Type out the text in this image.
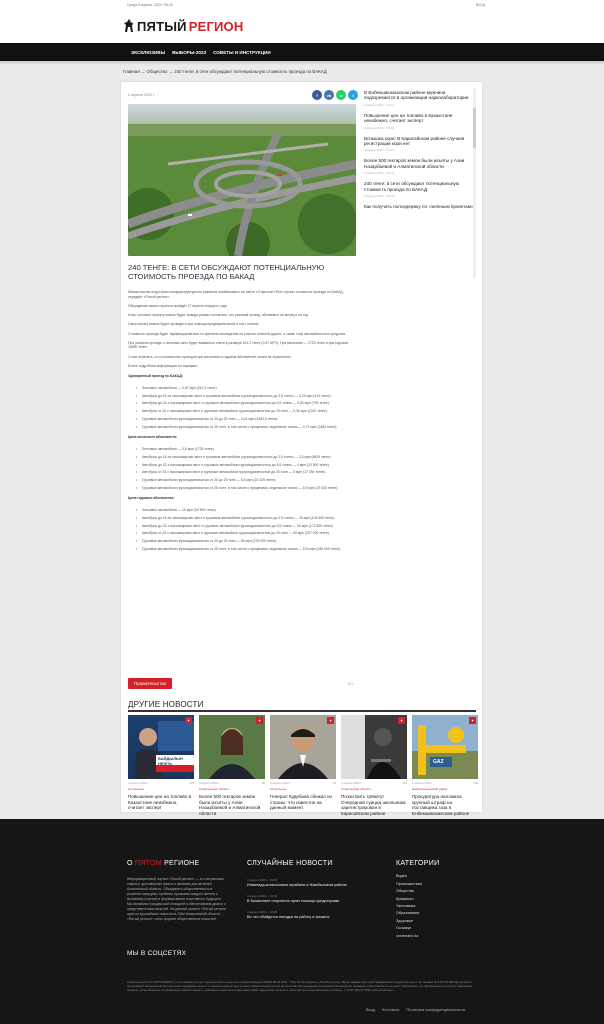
Среда 5 апреля, 2023 / 05:15	ВХОД
ПЯТЫЙ РЕГИОН
ЭКСКЛЮЗИВЫ ВЫБОРЫ-2023 СОВЕТЫ И ИНСТРУКЦИИ
Главная → Общество → 240 тенге: в сети обсуждают потенциальную стоимость проезда по БАКАД
2 апреля 2023 г.	f	vk	w	t
240 ТЕНГЕ: В СЕТИ ОБСУЖДАЮТ ПОТЕНЦИАЛЬНУЮ СТОИМОСТЬ ПРОЕЗДА ПО БАКАД

Министерство индустрии и инфраструктурного развития опубликовало на сайте «Открытые НПА» проект стоимости проезда по БАКАД, передаёт «Пятый регион».

Обсуждение самого проекта пройдёт 17 апреля текущего года.

Итак, согласно проекту можно будет трижды разово поплатить: это разовый проезд, абонемент на месяц и на год.

Само оплату можно будет проводить при помощи предварительной и пост оплаты.

Стоимость проезда будет тарифицироваться по времени нахождения на участке платной дороги, а также типу автомобильного средства.

При разовом проезде с легковых авто будет взиматься плата в размере 241,2 тенге (0,57 АРП). При месячном — 1725 тенге и при годовом 16590 тенге.

Стоит отметить, что и количество проездов при месячном и годовом абонементе ничем не ограничено.

Более подробная информация по тарифам:

Однократный проезд по БАКАД:
• Легковые автомобили — 0,57 мрп (241,3 тенге).
• Автобусы до 16-ти пассажирских мест и грузовые автомобили грузоподъемностью до 2,5 тонны — 0,22 мрп (414 тенге).
• Автобусы до 32-х пассажирских мест и грузовые автомобили грузоподъемностью до 5,5 тонны — 0,52 мрп (759 тенге).
• Автобусы от 33-х пассажирских мест и грузовые автомобили грузоподъемностью до 20 тонн — 0,36 мрп (1242 тенге).
• Грузовые автомобили грузоподъемностью от 20 до 25 тонн — 0,43 мрп (1483,5 тенге).
• Грузовые автомобили грузоподъемностью от 25 тонн, в том числе с прицепами, седельные тягачи — 0,72 мрп (2484 тенге).
Цена месячного абонемента:
• Легковые автомобили — 0,5 мрп (1725 тенге).
• Автобусы до 16-ти пассажирских мест и грузовые автомобили грузоподъемностью до 2,5 тонны — 2,5 мрп (8625 тенге).
• Автобусы до 32-х пассажирских мест и грузовые автомобили грузоподъемностью до 5,5 тонны — 4 мрп (13 800 тенге).
• Автобусы от 33-х пассажирских мест и грузовые автомобили грузоподъемностью до 20 тонн — 5 мрп (17 250 тенге).
• Грузовые автомобили грузоподъемностью от 20 до 25 тонн — 6,5 мрп (22 425 тенге).
• Грузовые автомобили грузоподъемностью от 25 тонн, в том числе с прицепами, седельные тягачи — 8,5 мрп (29 325 тенге).
Цена годового абонемента:
• Легковые автомобили — 10 мрп (34 500 тенге).
• Автобусы до 16-ти пассажирских мест и грузовые автомобили грузоподъемностью до 2,5 тонны — 30 мрп (103 500 тенге).
• Автобусы до 32-х пассажирских мест и грузовые автомобили грузоподъемностью до 5,5 тонны — 50 мрп (172 500 тенге).
• Автобусы от 33-х пассажирских мест и грузовые автомобили грузоподъемностью до 20 тонн — 60 мрп (207 000 тенге).
• Грузовые автомобили грузоподъемностью от 20 до 25 тонн — 80 мрп (276 000 тенге).
• Грузовые автомобили грузоподъемностью от 25 тонн, в том числе с прицепами, седельные тягачи — 100 мрп (345 000 тенге).
Правительство	263 ◌
ДРУГИЕ НОВОСТИ
БАЙДЫЛЫН НЕФТЬ
✦
4 апреля 2023 г.	101
Актуальное
Повышение цен на топливо в Казахстане неизбежно, считает эксперт
✦
4 апреля 2023 г.	86
Алматинская область
Более 500 гектаров земли были изъяты у Алии Назарбаевой и Алматинской области
✦
3 апреля 2023 г.	94
Актуальное
Генерал Кудебаев сбежал из страны: что известно на данный момент
✦
1 апреля 2023 г.	219
Алматинская область
Поэзи Бить трявогу! Очередной суицид школьника зарегистрирован в Карасайском районе
GAZ
✦
1 апреля 2023 г.	208
Енбекшиказахский район
Прокуратура наложила крупный штраф на поставщика газа в Енбекшиказахском районе
В Енбекшиказахском районе мужчина подозревается в организации нарколаборатории
4 апреля 2023 г. / 21:12
Повышение цен на топливо в Казахстане неизбежно, считает эксперт
4 апреля 2023 г. / 16:03
Вспышка кори: В Карасайском районе случаев регистрации кори нет
4 апреля 2023 г. / 11:34
Более 500 гектаров земли были изъяты у Азии Назарбаевой и Алматинской области
4 апреля 2023 г. / 10:47
240 тенге: в сети обсуждают потенциальную стоимость проезда по БАКАД
2 апреля 2023 г. / 20:04
Как получить полседержку по «зеленым проектам»
О ПЯТОМ РЕГИОНЕ
Информационный портал «Пятый регион» — это актуальные новости, достоверные факты и желание для жителей Алматинской области. Объединять общественность в решении насущных проблем, призывая каждого жителя к активному участию в формировании позитивного будущего. Мы являемся гражданской позицией и обеспечиваем диалог с представителями властей. На данный момент «Пятый регион» один из крупнейших новостных СМИ Алматинской области. «Пятый регион», голос формат общественных новостей.
СЛУЧАЙНЫЕ НОВОСТИ
4 апреля 2023 г. / 09:15
Инвалида-колясочника ограбили в Жамбылском районе
4 апреля 2023 г. / 14:40
В Казахстане откроются пункт помощи кредиторами
4 апреля 2023 г. / 14:05
Во что обойдется поездка на работу в Алматы
КАТЕГОРИИ
Видео
Происшествия
Общество
Криминал
Экономика
Образование
Здоровье
Госзакуп
covemann.kz
МЫ В СОЦСЕТЯХ
Свидетельство KZ 43VPY00046177 о постановке на учет периодического печатного издания Выдано МИОР 08.04.2021. / Про 5-ства Издание «Пятый регион». Ваше издание даст мой Гражданином. Свидетельство о постановке № 1476 16.668 Допускается цитирование материалов без получения предварительного согласия редакции при условии обязательной ссылки на источник. За содержание рекламных материалов, редакция ответственности не несет. Материалы, не обработанные не вносят изменения правило, установленные по взаимным к вашей отвечать, указанные правительствам инвестиций. Нарушение личности новостей при представлению в Алматы. © COPYRIGHT 2023 «Пятый регион».
Вход Контакты Политика конфиденциальности
